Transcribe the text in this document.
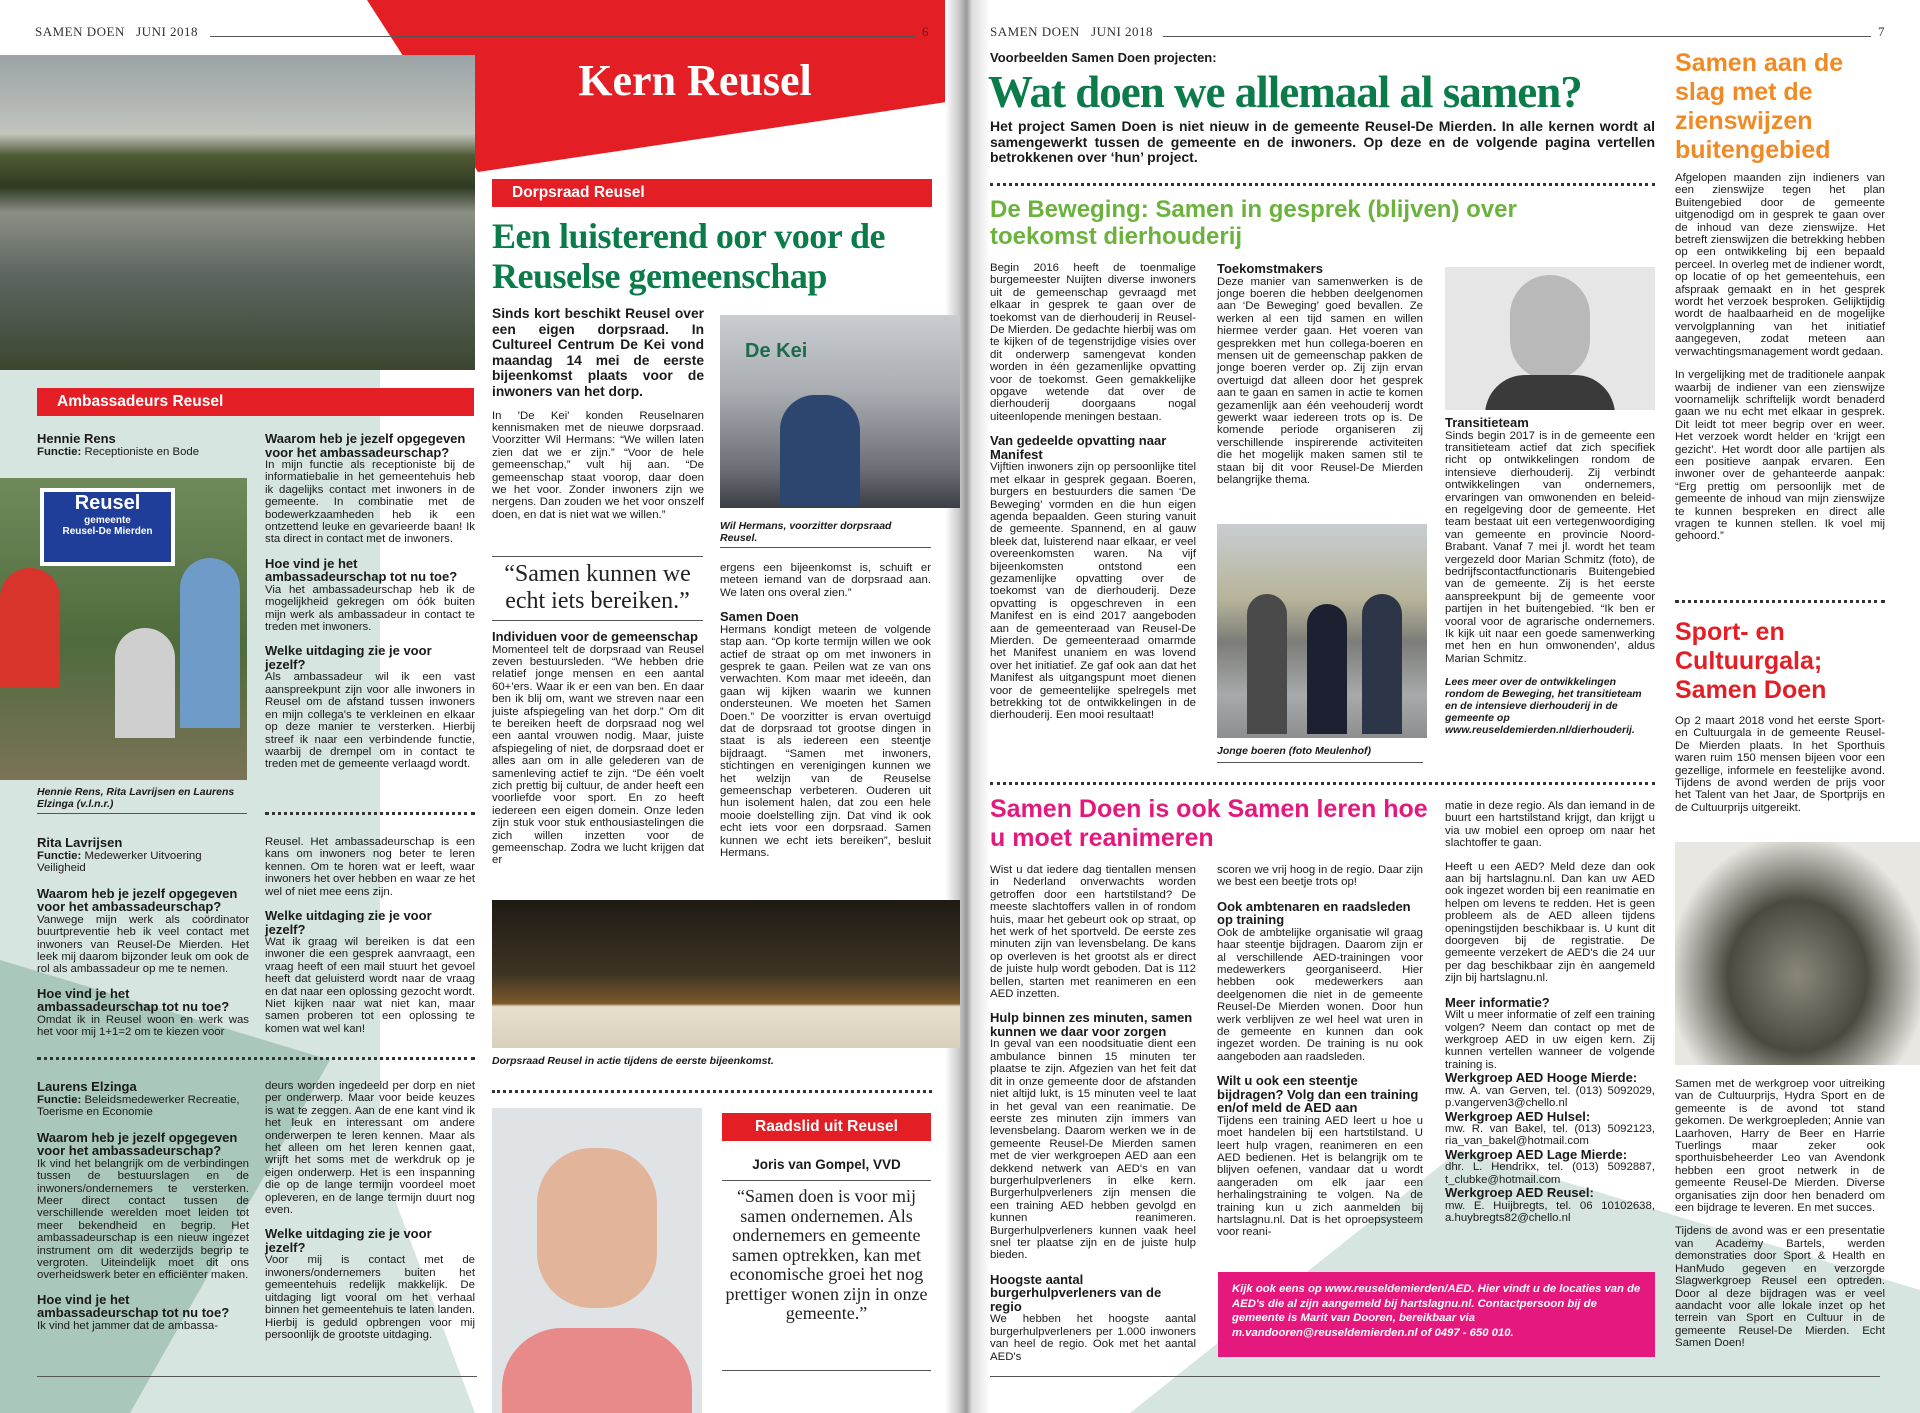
SAMEN DOEN JUNI 2018	6	SAMEN DOEN JUNI 2018	7
Kern Reusel
Ambassadeurs Reusel
Hennie Rens
Functie: Receptioniste en Bode
Reusel
gemeente
Reusel-De Mierden
Hennie Rens, Rita Lavrijsen en Laurens Elzinga (v.l.n.r.)
Waarom heb je jezelf opgegeven voor het ambassadeurschap?
In mijn functie als receptioniste bij de informatiebalie in het gemeentehuis heb ik dagelijks contact met inwoners in de gemeente. In combinatie met de bodewerkzaamheden heb ik een ontzettend leuke en gevarieerde baan! Ik sta direct in contact met de inwoners.
Hoe vind je het ambassadeurschap tot nu toe?
Via het ambassadeurschap heb ik de mogelijkheid gekregen om óók buiten mijn werk als ambassadeur in contact te treden met inwoners.
Welke uitdaging zie je voor jezelf?
Als ambassadeur wil ik een vast aanspreekpunt zijn voor alle inwoners in Reusel om de afstand tussen inwoners en mijn collega's te verkleinen en elkaar op deze manier te versterken. Hierbij streef ik naar een verbindende functie, waarbij de drempel om in contact te treden met de gemeente verlaagd wordt.
Rita Lavrijsen
Functie: Medewerker Uitvoering Veiligheid
Waarom heb je jezelf opgegeven voor het ambassadeurschap?
Vanwege mijn werk als coördinator buurtpreventie heb ik veel contact met inwoners van Reusel-De Mierden. Het leek mij daarom bijzonder leuk om ook de rol als ambassadeur op me te nemen.
Hoe vind je het ambassadeurschap tot nu toe?
Omdat ik in Reusel woon en werk was het voor mij 1+1=2 om te kiezen voor
Reusel. Het ambassadeurschap is een kans om inwoners nog beter te leren kennen. Om te horen wat er leeft, waar inwoners het over hebben en waar ze het wel of niet mee eens zijn.
Welke uitdaging zie je voor jezelf?
Wat ik graag wil bereiken is dat een inwoner die een gesprek aanvraagt, een vraag heeft of een mail stuurt het gevoel heeft dat geluisterd wordt naar de vraag en dat naar een oplossing gezocht wordt. Niet kijken naar wat niet kan, maar samen proberen tot een oplossing te komen wat wel kan!
Laurens Elzinga
Functie: Beleidsmedewerker Recreatie, Toerisme en Economie
Waarom heb je jezelf opgegeven voor het ambassadeurschap?
Ik vind het belangrijk om de verbindingen tussen de bestuurslagen en de inwoners/ondernemers te versterken. Meer direct contact tussen de verschillende werelden moet leiden tot meer bekendheid en begrip. Het ambassadeurschap is een nieuw ingezet instrument om dit wederzijds begrip te vergroten. Uiteindelijk moet dit ons overheidswerk beter en efficiënter maken.
Hoe vind je het ambassadeurschap tot nu toe?
Ik vind het jammer dat de ambassa-
deurs worden ingedeeld per dorp en niet per onderwerp. Maar voor beide keuzes is wat te zeggen. Aan de ene kant vind ik het leuk en interessant om andere onderwerpen te leren kennen. Maar als het alleen om het leren kennen gaat, wrijft het soms met de werkdruk op je eigen onderwerp. Het is een inspanning die op de lange termijn voordeel moet opleveren, en de lange termijn duurt nog even.
Welke uitdaging zie je voor jezelf?
Voor mij is contact met de inwoners/ondernemers buiten het gemeentehuis redelijk makkelijk. De uitdaging ligt vooral om het verhaal binnen het gemeentehuis te laten landen. Hierbij is geduld opbrengen voor mij persoonlijk de grootste uitdaging.
Dorpsraad Reusel
Een luisterend oor voor de Reuselse gemeenschap
Sinds kort beschikt Reusel over een eigen dorpsraad. In Cultureel Centrum De Kei vond maandag 14 mei de eerste bijeenkomst plaats voor de inwoners van het dorp.
In 'De Kei' konden Reuselnaren kennismaken met de nieuwe dorpsraad. Voorzitter Wil Hermans: “We willen laten zien dat we er zijn.” “Voor de hele gemeenschap,” vult hij aan. “De gemeenschap staat voorop, daar doen we het voor. Zonder inwoners zijn we nergens. Dan zouden we het voor onszelf doen, en dat is niet wat we willen.”
De Kei
Wil Hermans, voorzitter dorpsraad Reusel.
“Samen kunnen we echt iets bereiken.”
Individuen voor de gemeenschap
Momenteel telt de dorpsraad van Reusel zeven bestuursleden. “We hebben drie relatief jonge mensen en een aantal 60+'ers. Waar ik er een van ben. En daar ben ik blij om, want we streven naar een juiste afspiegeling van het dorp.” Om dit te bereiken heeft de dorpsraad nog wel een aantal vrouwen nodig. Maar, juiste afspiegeling of niet, de dorpsraad doet er alles aan om in alle gelederen van de samenleving actief te zijn. “De één voelt zich prettig bij cultuur, de ander heeft een voorliefde voor sport. En zo heeft iedereen een eigen domein. Onze leden zijn stuk voor stuk enthousiastelingen die zich willen inzetten voor de gemeenschap. Zodra we lucht krijgen dat er
ergens een bijeenkomst is, schuift er meteen iemand van de dorpsraad aan. We laten ons overal zien.”
Samen Doen
Hermans kondigt meteen de volgende stap aan. “Op korte termijn willen we ook actief de straat op om met inwoners in gesprek te gaan. Peilen wat ze van ons verwachten. Kom maar met ideeën, dan gaan wij kijken waarin we kunnen ondersteunen. We moeten het Samen Doen.” De voorzitter is ervan overtuigd dat de dorpsraad tot grootse dingen in staat is als iedereen een steentje bijdraagt. “Samen met inwoners, stichtingen en verenigingen kunnen we het welzijn van de Reuselse gemeenschap verbeteren. Ouderen uit hun isolement halen, dat zou een hele mooie doelstelling zijn. Dat vind ik ook echt iets voor een dorpsraad. Samen kunnen we echt iets bereiken”, besluit Hermans.
Dorpsraad Reusel in actie tijdens de eerste bijeenkomst.
Raadslid uit Reusel
Joris van Gompel, VVD
“Samen doen is voor mij samen ondernemen. Als ondernemers en gemeente samen optrekken, kan met economische groei het nog prettiger wonen zijn in onze gemeente.”
Voorbeelden Samen Doen projecten:
Wat doen we allemaal al samen?
Het project Samen Doen is niet nieuw in de gemeente Reusel-De Mierden. In alle kernen wordt al samengewerkt tussen de gemeente en de inwoners. Op deze en de volgende pagina vertellen betrokkenen over ‘hun’ project.
De Beweging: Samen in gesprek (blijven) over toekomst dierhouderij
Begin 2016 heeft de toenmalige burgemeester Nuijten diverse inwoners uit de gemeenschap gevraagd met elkaar in gesprek te gaan over de toekomst van de dierhouderij in Reusel-De Mierden. De gedachte hierbij was om te kijken of de tegenstrijdige visies over dit onderwerp samengevat konden worden in één gezamenlijke opvatting voor de toekomst. Geen gemakkelijke opgave wetende dat over de dierhouderij doorgaans nogal uiteenlopende meningen bestaan.
Van gedeelde opvatting naar Manifest
Vijftien inwoners zijn op persoonlijke titel met elkaar in gesprek gegaan. Boeren, burgers en bestuurders die samen ‘De Beweging’ vormden en die hun eigen agenda bepaalden. Geen sturing vanuit de gemeente. Spannend, en al gauw bleek dat, luisterend naar elkaar, er veel overeenkomsten waren. Na vijf bijeenkomsten ontstond een gezamenlijke opvatting over de toekomst van de dierhouderij. Deze opvatting is opgeschreven in een Manifest en is eind 2017 aangeboden aan de gemeenteraad van Reusel-De Mierden. De gemeenteraad omarmde het Manifest unaniem en was lovend over het initiatief. Ze gaf ook aan dat het Manifest als uitgangspunt moet dienen voor de gemeentelijke spelregels met betrekking tot de ontwikkelingen in de dierhouderij. Een mooi resultaat!
Toekomstmakers
Deze manier van samenwerken is de jonge boeren die hebben deelgenomen aan ‘De Beweging’ goed bevallen. Ze werken al een tijd samen en willen hiermee verder gaan. Het voeren van gesprekken met hun collega-boeren en mensen uit de gemeenschap pakken de jonge boeren verder op. Zij zijn ervan overtuigd dat alleen door het gesprek aan te gaan en samen in actie te komen gezamenlijk aan één veehouderij wordt gewerkt waar iedereen trots op is. De komende periode organiseren zij verschillende inspirerende activiteiten die het mogelijk maken samen stil te staan bij dit voor Reusel-De Mierden belangrijke thema.
Jonge boeren (foto Meulenhof)
Transitieteam
Sinds begin 2017 is in de gemeente een transitieteam actief dat zich specifiek richt op ontwikkelingen rondom de intensieve dierhouderij. Zij verbindt ontwikkelingen van ondernemers, ervaringen van omwonenden en beleid- en regelgeving door de gemeente. Het team bestaat uit een vertegenwoordiging van gemeente en provincie Noord-Brabant. Vanaf 7 mei jl. wordt het team vergezeld door Marian Schmitz (foto), de bedrijfscontactfunctionaris Buitengebied van de gemeente. Zij is het eerste aanspreekpunt bij de gemeente voor partijen in het buitengebied. “Ik ben er vooral voor de agrarische ondernemers. Ik kijk uit naar een goede samenwerking met hen en hun omwonenden’, aldus Marian Schmitz.
Lees meer over de ontwikkelingen rondom de Beweging, het transitieteam en de intensieve dierhouderij in de gemeente op www.reuseldemierden.nl/dierhouderij.
Samen Doen is ook Samen leren hoe u moet reanimeren
Wist u dat iedere dag tientallen mensen in Nederland onverwachts worden getroffen door een hartstilstand? De meeste slachtoffers vallen in of rondom huis, maar het gebeurt ook op straat, op het werk of het sportveld. De eerste zes minuten zijn van levensbelang. De kans op overleven is het grootst als er direct de juiste hulp wordt geboden. Dat is 112 bellen, starten met reanimeren en een AED inzetten.
Hulp binnen zes minuten, samen kunnen we daar voor zorgen
In geval van een noodsituatie dient een ambulance binnen 15 minuten ter plaatse te zijn. Afgezien van het feit dat dit in onze gemeente door de afstanden niet altijd lukt, is 15 minuten veel te laat in het geval van een reanimatie. De eerste zes minuten zijn immers van levensbelang. Daarom werken we in de gemeente Reusel-De Mierden samen met de vier werkgroepen AED aan een dekkend netwerk van AED's en van burgerhulpverleners in elke kern. Burgerhulpverleners zijn mensen die een training AED hebben gevolgd en kunnen reanimeren. Burgerhulpverleners kunnen vaak heel snel ter plaatse zijn en de juiste hulp bieden.
Hoogste aantal burgerhulpverleners van de regio
We hebben het hoogste aantal burgerhulpverleners per 1.000 inwoners van heel de regio. Ook met het aantal AED's
scoren we vrij hoog in de regio. Daar zijn we best een beetje trots op!
Ook ambtenaren en raadsleden op training
Ook de ambtelijke organisatie wil graag haar steentje bijdragen. Daarom zijn er al verschillende AED-trainingen voor medewerkers georganiseerd. Hier hebben ook medewerkers aan deelgenomen die niet in de gemeente Reusel-De Mierden wonen. Door hun werk verblijven ze wel heel wat uren in de gemeente en kunnen dan ook ingezet worden. De training is nu ook aangeboden aan raadsleden.
Wilt u ook een steentje bijdragen? Volg dan een training en/of meld de AED aan
Tijdens een training AED leert u hoe u moet handelen bij een hartstilstand. U leert hulp vragen, reanimeren en een AED bedienen. Het is belangrijk om te blijven oefenen, vandaar dat u wordt aangeraden om elk jaar een herhalingstraining te volgen. Na de training kun u zich aanmelden bij hartslagnu.nl. Dat is het oproepsysteem voor reani-
matie in deze regio. Als dan iemand in de buurt een hartstilstand krijgt, dan krijgt u via uw mobiel een oproep om naar het slachtoffer te gaan.
Heeft u een AED? Meld deze dan ook aan bij hartslagnu.nl. Dan kan uw AED ook ingezet worden bij een reanimatie en helpen om levens te redden. Het is geen probleem als de AED alleen tijdens openingstijden beschikbaar is. U kunt dit doorgeven bij de registratie. De gemeente verzekert de AED's die 24 uur per dag beschikbaar zijn èn aangemeld zijn bij hartslagnu.nl.
Meer informatie?
Wilt u meer informatie of zelf een training volgen? Neem dan contact op met de werkgroep AED in uw eigen kern. Zij kunnen vertellen wanneer de volgende training is.
Werkgroep AED Hooge Mierde:
mw. A. van Gerven, tel. (013) 5092029, p.vangerven3@chello.nl
Werkgroep AED Hulsel:
mw. R. van Bakel, tel. (013) 5092123, ria_van_bakel@hotmail.com
Werkgroep AED Lage Mierde:
dhr. L. Hendrikx, tel. (013) 5092887, t_clubke@hotmail.com
Werkgroep AED Reusel:
mw. E. Huijbregts, tel. 06 10102638, a.huybregts82@chello.nl
Kijk ook eens op www.reuseldemierden/AED. Hier vindt u de locaties van de AED's die al zijn aangemeld bij hartslagnu.nl. Contactpersoon bij de gemeente is Marit van Dooren, bereikbaar via m.vandooren@reuseldemierden.nl of 0497 - 650 010.
Samen aan de slag met de zienswijzen buitengebied
Afgelopen maanden zijn indieners van een zienswijze tegen het plan Buitengebied door de gemeente uitgenodigd om in gesprek te gaan over de inhoud van deze zienswijze. Het betreft zienswijzen die betrekking hebben op een ontwikkeling bij een bepaald perceel. In overleg met de indiener wordt, op locatie of op het gemeentehuis, een afspraak gemaakt en in het gesprek wordt het verzoek besproken. Gelijktijdig wordt de haalbaarheid en de mogelijke vervolgplanning van het initiatief aangegeven, zodat meteen aan verwachtingsmanagement wordt gedaan.
In vergelijking met de traditionele aanpak waarbij de indiener van een zienswijze voornamelijk schriftelijk wordt benaderd gaan we nu echt met elkaar in gesprek. Dit leidt tot meer begrip over en weer. Het verzoek wordt helder en ‘krijgt een gezicht’. Het wordt door alle partijen als een positieve aanpak ervaren. Een inwoner over de gehanteerde aanpak: “Erg prettig om persoonlijk met de gemeente de inhoud van mijn zienswijze te kunnen bespreken en direct alle vragen te kunnen stellen. Ik voel mij gehoord.”
Sport- en Cultuurgala; Samen Doen
Op 2 maart 2018 vond het eerste Sport- en Cultuurgala in de gemeente Reusel-De Mierden plaats. In het Sporthuis waren ruim 150 mensen bijeen voor een gezellige, informele en feestelijke avond. Tijdens de avond werden de prijs voor het Talent van het Jaar, de Sportprijs en de Cultuurprijs uitgereikt.
Samen met de werkgroep voor uitreiking van de Cultuurprijs, Hydra Sport en de gemeente is de avond tot stand gekomen. De werkgroepleden; Annie van Laarhoven, Harry de Beer en Harrie Tuerlings maar zeker ook sporthuisbeheerder Leo van Avendonk hebben een groot netwerk in de gemeente Reusel-De Mierden. Diverse organisaties zijn door hen benaderd om een bijdrage te leveren. En met succes.
Tijdens de avond was er een presentatie van Academy Bartels, werden demonstraties door Sport & Health en HanMudo gegeven en verzorgde Slagwerkgroep Reusel een optreden. Door al deze bijdragen was er veel aandacht voor alle lokale inzet op het terrein van Sport en Cultuur in de gemeente Reusel-De Mierden. Echt Samen Doen!
